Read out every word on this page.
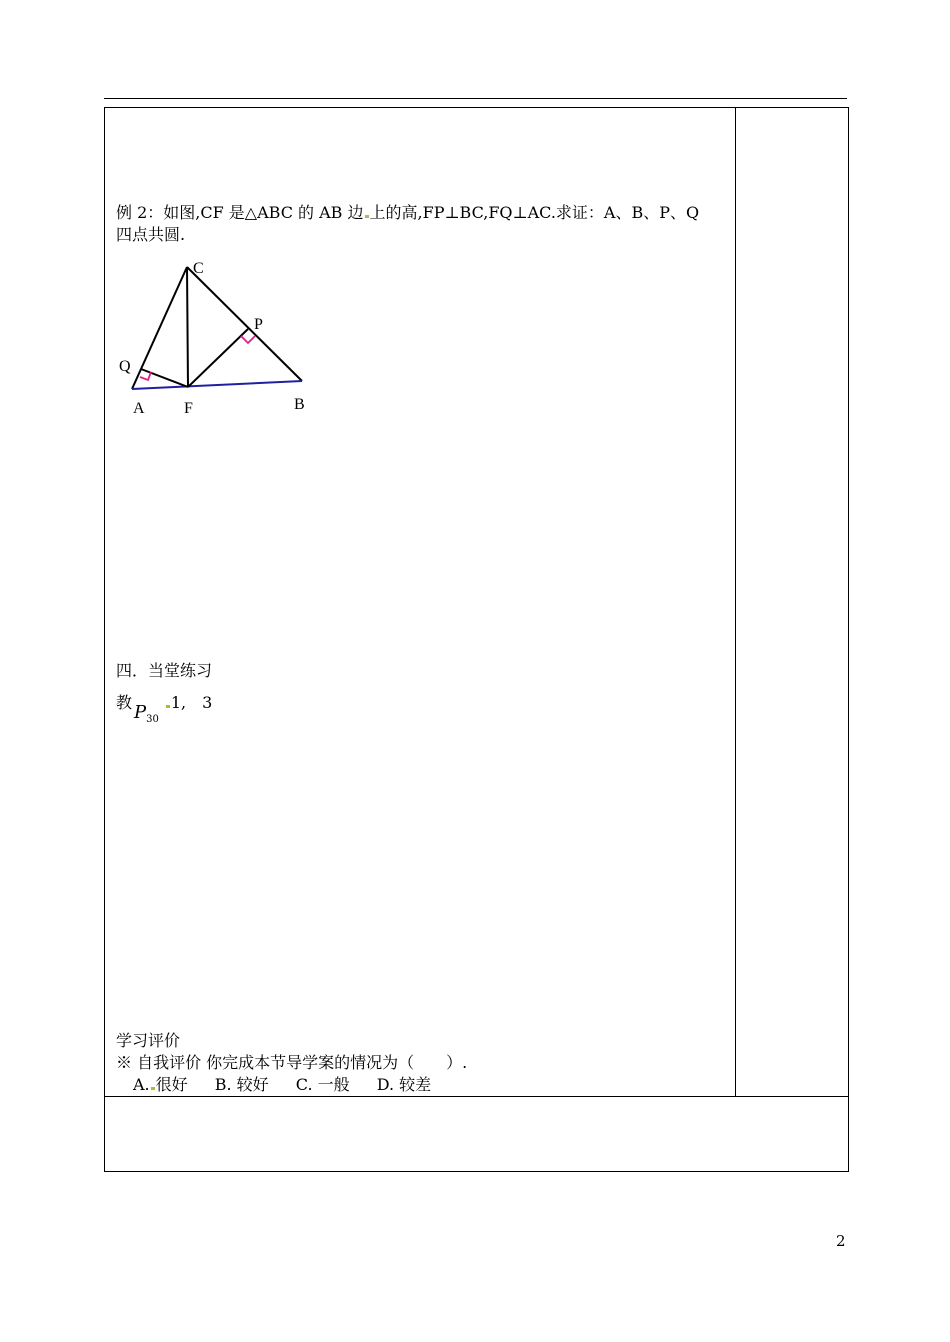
例 2：如图,CF 是△ABC 的 AB 边 上的高,FP⊥BC,FQ⊥AC.求证：A、B、P、Q
四点共圆.
四．当堂练习
教 $P_{30}1$,　3
学习评价
※ 自我评价 你完成本节导学案的情况为（　　）.
A. 很好 B. 较好 C. 一般 D. 较差
C
P
Q
A F	B
2
